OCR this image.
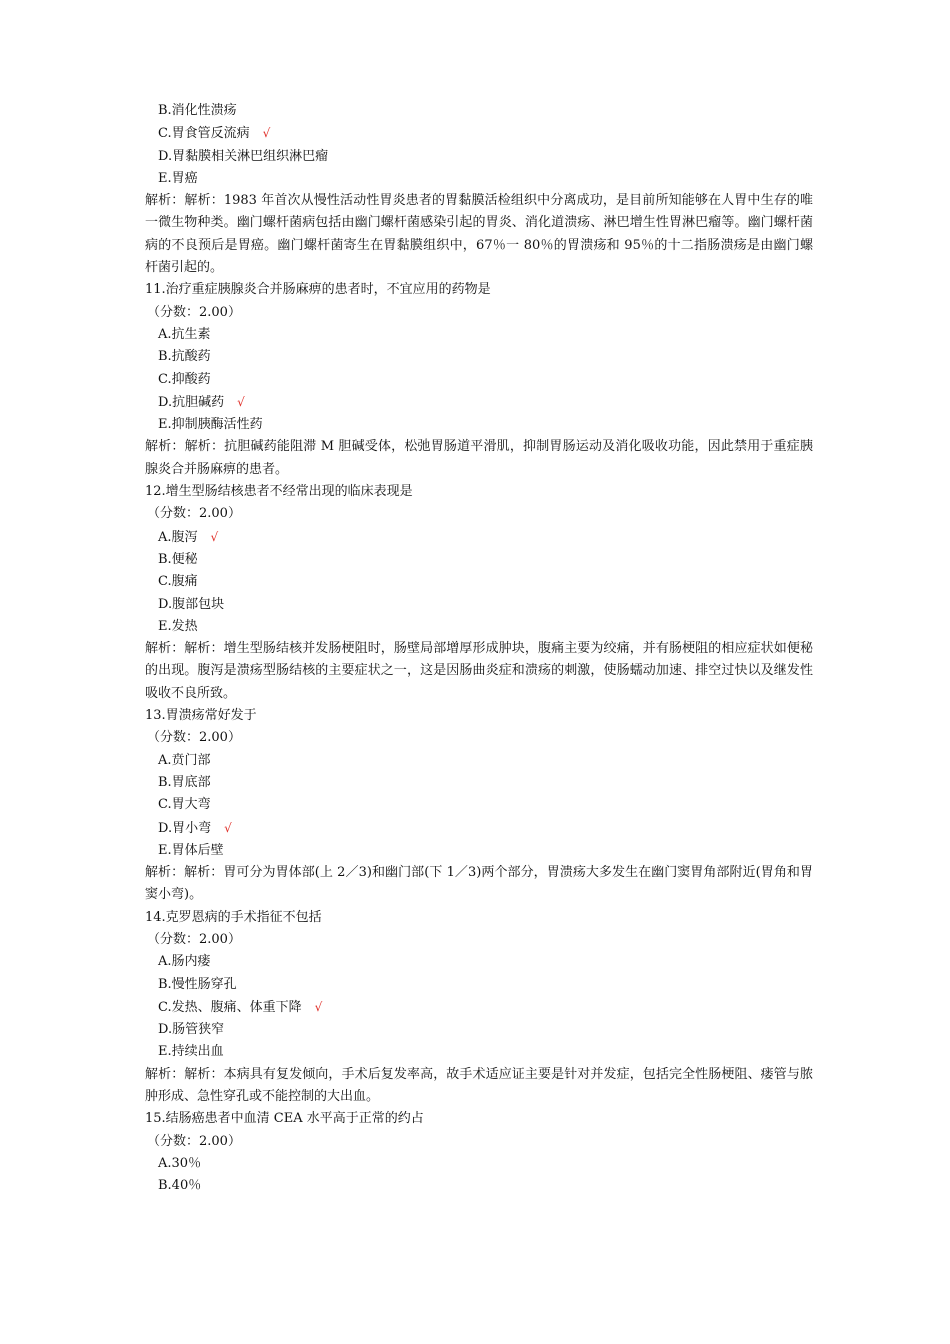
B.消化性溃疡
C.胃食管反流病 √
D.胃黏膜相关淋巴组织淋巴瘤
E.胃癌
解析：解析：1983 年首次从慢性活动性胃炎患者的胃黏膜活检组织中分离成功，是目前所知能够在人胃中生存的唯一微生物种类。幽门螺杆菌病包括由幽门螺杆菌感染引起的胃炎、消化道溃疡、淋巴增生性胃淋巴瘤等。幽门螺杆菌病的不良预后是胃癌。幽门螺杆菌寄生在胃黏膜组织中，67％一 80％的胃溃疡和 95％的十二指肠溃疡是由幽门螺杆菌引起的。
11.治疗重症胰腺炎合并肠麻痹的患者时，不宜应用的药物是
（分数：2.00）
A.抗生素
B.抗酸药
C.抑酸药
D.抗胆碱药 √
E.抑制胰酶活性药
解析：解析：抗胆碱药能阻滞 M 胆碱受体，松弛胃肠道平滑肌，抑制胃肠运动及消化吸收功能，因此禁用于重症胰腺炎合并肠麻痹的患者。
12.增生型肠结核患者不经常出现的临床表现是
（分数：2.00）
A.腹泻 √
B.便秘
C.腹痛
D.腹部包块
E.发热
解析：解析：增生型肠结核并发肠梗阻时，肠壁局部增厚形成肿块，腹痛主要为绞痛，并有肠梗阻的相应症状如便秘的出现。腹泻是溃疡型肠结核的主要症状之一，这是因肠曲炎症和溃疡的刺激，使肠蠕动加速、排空过快以及继发性吸收不良所致。
13.胃溃疡常好发于
（分数：2.00）
A.贲门部
B.胃底部
C.胃大弯
D.胃小弯 √
E.胃体后壁
解析：解析：胃可分为胃体部(上 2／3)和幽门部(下 1／3)两个部分，胃溃疡大多发生在幽门窦胃角部附近(胃角和胃窦小弯)。
14.克罗恩病的手术指征不包括
（分数：2.00）
A.肠内瘘
B.慢性肠穿孔
C.发热、腹痛、体重下降 √
D.肠管狭窄
E.持续出血
解析：解析：本病具有复发倾向，手术后复发率高，故手术适应证主要是针对并发症，包括完全性肠梗阻、瘘管与脓肿形成、急性穿孔或不能控制的大出血。
15.结肠癌患者中血清 CEA 水平高于正常的约占
（分数：2.00）
A.30％
B.40％
